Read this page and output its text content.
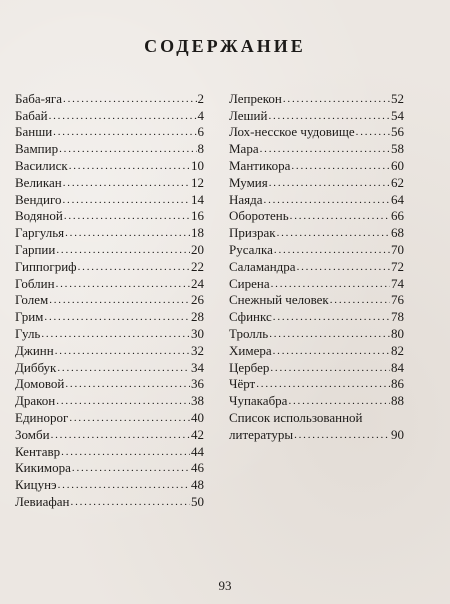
СОДЕРЖАНИЕ
Баба-яга .....	2
Бабай .....	4
Банши .....	6
Вампир .....	8
Василиск .....	10
Великан .....	12
Вендиго .....	14
Водяной .....	16
Гаргулья .....	18
Гарпии .....	20
Гиппогриф .....	22
Гоблин .....	24
Голем .....	26
Грим .....	28
Гуль .....	30
Джинн .....	32
Диббук .....	34
Домовой .....	36
Дракон .....	38
Единорог .....	40
Зомби .....	42
Кентавр .....	44
Кикимора .....	46
Кицунэ .....	48
Левиафан .....	50
Лепрекон .....	52
Леший .....	54
Лох-несское чудовище .....	56
Мара .....	58
Мантикора .....	60
Мумия .....	62
Наяда .....	64
Оборотень .....	66
Призрак .....	68
Русалка .....	70
Саламандра .....	72
Сирена .....	74
Снежный человек .....	76
Сфинкс .....	78
Тролль .....	80
Химера .....	82
Цербер .....	84
Чёрт .....	86
Чупакабра .....	88
Список использованной
литературы .....	90
93
